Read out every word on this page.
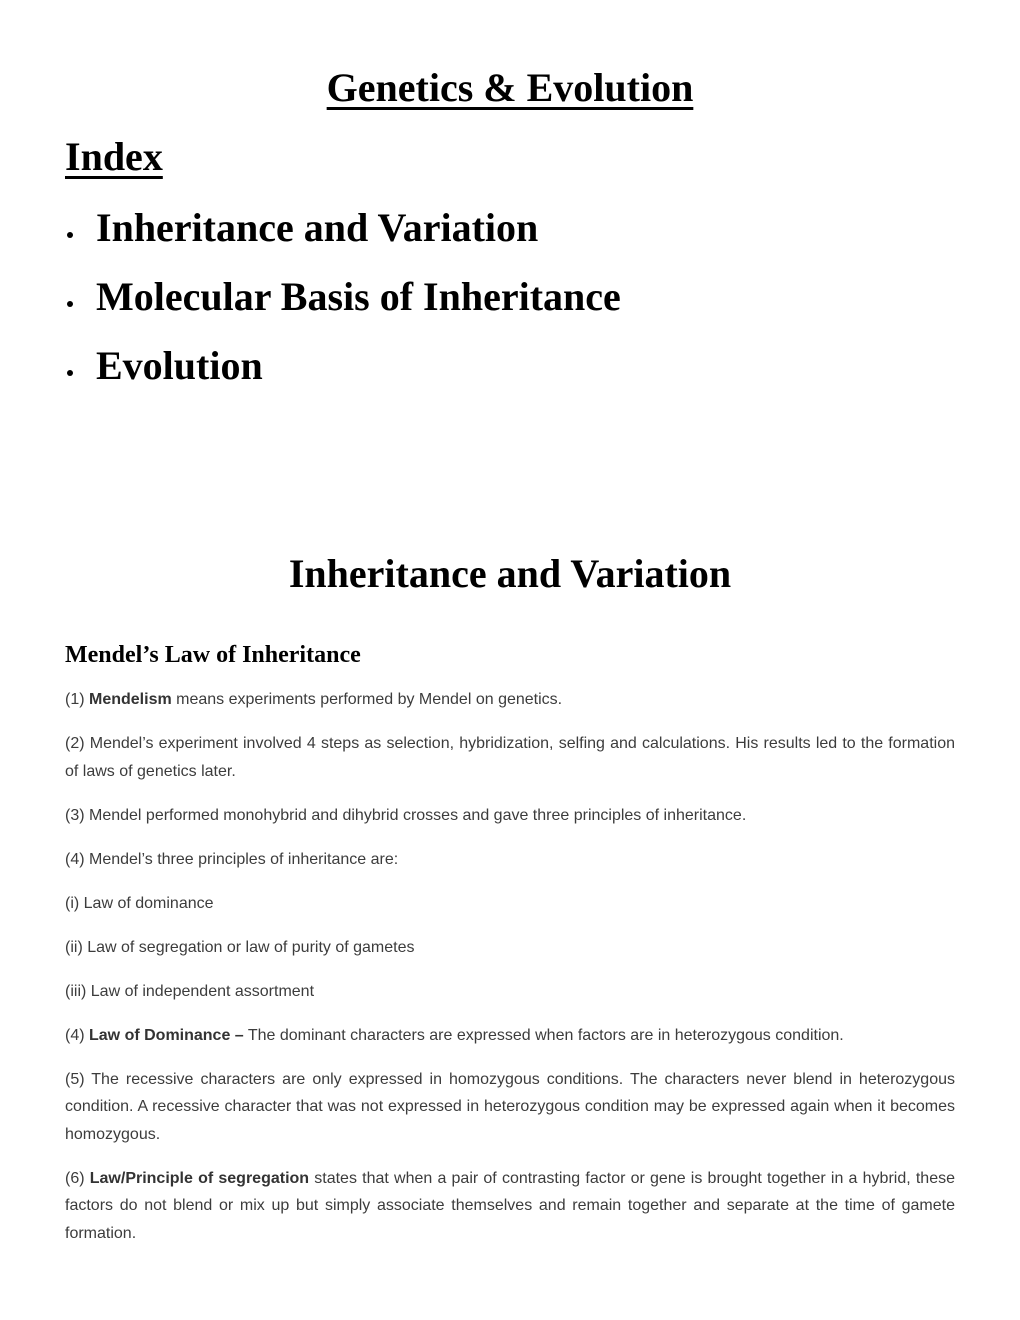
Genetics & Evolution
Index
Inheritance and Variation
Molecular Basis of Inheritance
Evolution
Inheritance and Variation
Mendel’s Law of Inheritance

(1) Mendelism means experiments performed by Mendel on genetics.

(2) Mendel’s experiment involved 4 steps as selection, hybridization, selfing and calculations. His results led to the formation of laws of genetics later.

(3) Mendel performed monohybrid and dihybrid crosses and gave three principles of inheritance.

(4) Mendel’s three principles of inheritance are:

(i) Law of dominance

(ii) Law of segregation or law of purity of gametes

(iii) Law of independent assortment

(4) Law of Dominance – The dominant characters are expressed when factors are in heterozygous condition.

(5) The recessive characters are only expressed in homozygous conditions. The characters never blend in heterozygous condition. A recessive character that was not expressed in heterozygous condition may be expressed again when it becomes homozygous.

(6) Law/Principle of segregation states that when a pair of contrasting factor or gene is brought together in a hybrid, these factors do not blend or mix up but simply associate themselves and remain together and separate at the time of gamete formation.
